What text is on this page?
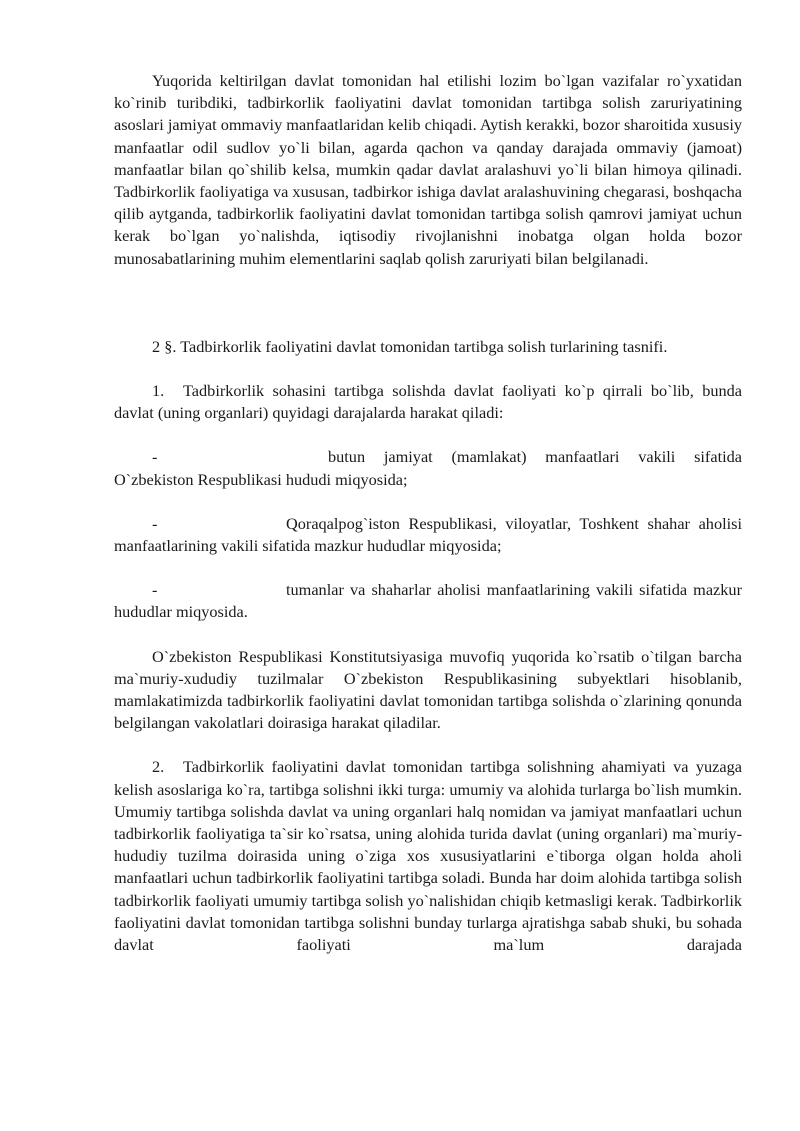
Yuqorida keltirilgan davlat tomonidan hal etilishi lozim bo`lgan vazifalar ro`yxatidan ko`rinib turibdiki, tadbirkorlik faoliyatini davlat tomonidan tartibga solish zaruriyatining asoslari jamiyat ommaviy manfaatlaridan kelib chiqadi. Aytish kerakki, bozor sharoitida xususiy manfaatlar odil sudlov yo`li bilan, agarda qachon va qanday darajada ommaviy (jamoat) manfaatlar bilan qo`shilib kelsa, mumkin qadar davlat aralashuvi yo`li bilan himoya qilinadi. Tadbirkorlik faoliyatiga va xususan, tadbirkor ishiga davlat aralashuvining chegarasi, boshqacha qilib aytganda, tadbirkorlik faoliyatini davlat tomonidan tartibga solish qamrovi jamiyat uchun kerak bo`lgan yo`nalishda, iqtisodiy rivojlanishni inobatga olgan holda bozor munosabatlarining muhim elementlarini saqlab qolish zaruriyati bilan belgilanadi.

2 §. Tadbirkorlik faoliyatini davlat tomonidan tartibga solish turlarining tasnifi.

1. Tadbirkorlik sohasini tartibga solishda davlat faoliyati ko`p qirrali bo`lib, bunda davlat (uning organlari) quyidagi darajalarda harakat qiladi:

-	butun jamiyat (mamlakat) manfaatlari vakili sifatida O`zbekiston Respublikasi hududi miqyosida;

-	Qoraqalpog`iston Respublikasi, viloyatlar, Toshkent shahar aholisi manfaatlarining vakili sifatida mazkur hududlar miqyosida;

-	tumanlar va shaharlar aholisi manfaatlarining vakili sifatida mazkur hududlar miqyosida.

O`zbekiston Respublikasi Konstitutsiyasiga muvofiq yuqorida ko`rsatib o`tilgan barcha ma`muriy-xududiy tuzilmalar O`zbekiston Respublikasining subyektlari hisoblanib, mamlakatimizda tadbirkorlik faoliyatini davlat tomonidan tartibga solishda o`zlarining qonunda belgilangan vakolatlari doirasiga harakat qiladilar.

2. Tadbirkorlik faoliyatini davlat tomonidan tartibga solishning ahamiyati va yuzaga kelish asoslariga ko`ra, tartibga solishni ikki turga: umumiy va alohida turlarga bo`lish mumkin. Umumiy tartibga solishda davlat va uning organlari halq nomidan va jamiyat manfaatlari uchun tadbirkorlik faoliyatiga ta`sir ko`rsatsa, uning alohida turida davlat (uning organlari) ma`muriy-hududiy tuzilma doirasida uning o`ziga xos xususiyatlarini e`tiborga olgan holda aholi manfaatlari uchun tadbirkorlik faoliyatini tartibga soladi. Bunda har doim alohida tartibga solish tadbirkorlik faoliyati umumiy tartibga solish yo`nalishidan chiqib ketmasligi kerak. Tadbirkorlik faoliyatini davlat tomonidan tartibga solishni bunday turlarga ajratishga sabab shuki, bu sohada davlat faoliyati ma`lum darajada
